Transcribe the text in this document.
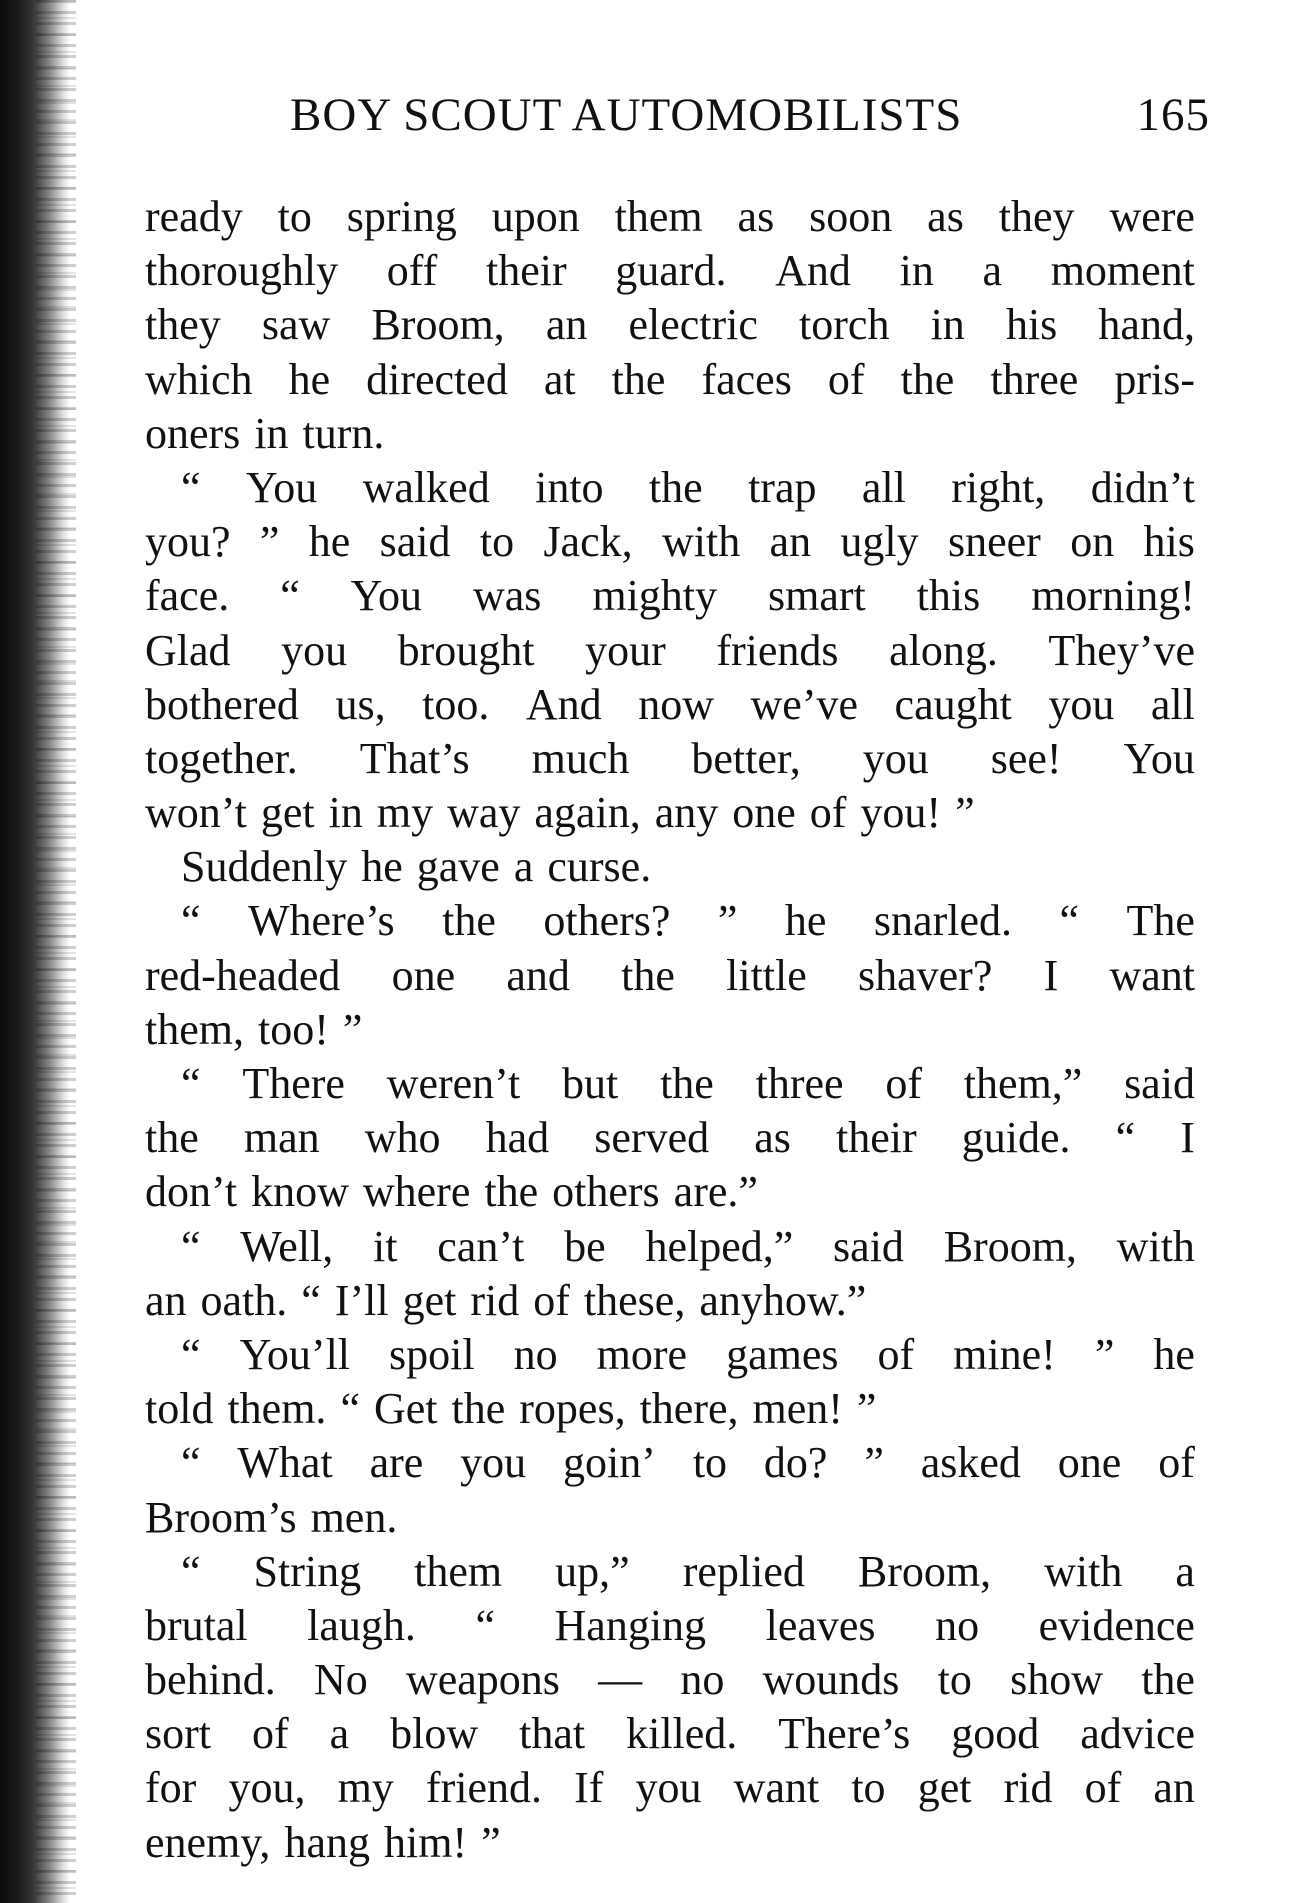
BOY SCOUT AUTOMOBILISTS	165
ready to spring upon them as soon as they were
thoroughly off their guard. And in a moment
they saw Broom, an electric torch in his hand,
which he directed at the faces of the three pris-
oners in turn.
“ You walked into the trap all right, didn’t
you? ” he said to Jack, with an ugly sneer on his
face. “ You was mighty smart this morning!
Glad you brought your friends along. They’ve
bothered us, too. And now we’ve caught you all
together. That’s much better, you see! You
won’t get in my way again, any one of you! ”
Suddenly he gave a curse.
“ Where’s the others? ” he snarled. “ The
red-headed one and the little shaver? I want
them, too! ”
“ There weren’t but the three of them,” said
the man who had served as their guide. “ I
don’t know where the others are.”
“ Well, it can’t be helped,” said Broom, with
an oath. “ I’ll get rid of these, anyhow.”
“ You’ll spoil no more games of mine! ” he
told them. “ Get the ropes, there, men! ”
“ What are you goin’ to do? ” asked one of
Broom’s men.
“ String them up,” replied Broom, with a
brutal laugh. “ Hanging leaves no evidence
behind. No weapons — no wounds to show the
sort of a blow that killed. There’s good advice
for you, my friend. If you want to get rid of an
enemy, hang him! ”
